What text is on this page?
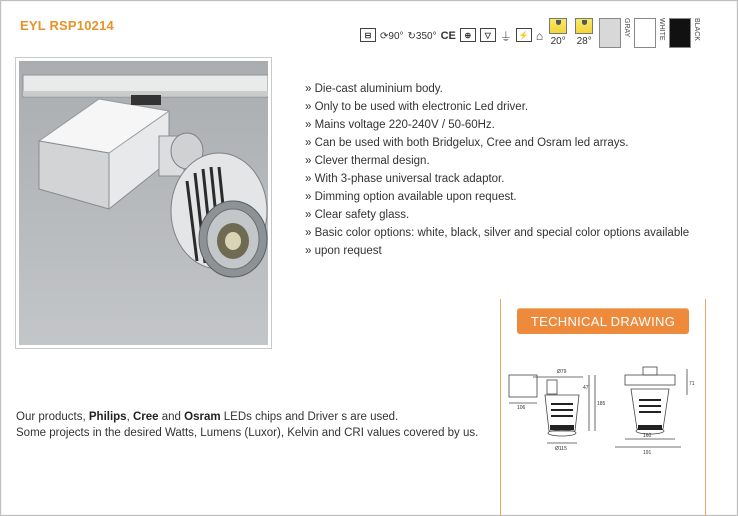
EYL RSP10214
⊟ ⟳ 90° ↻ 350° CE	⊕	▽ ⏚ ⚡ ⌂ 20° 28°
GRAY	WHITE	BLACK
» Die-cast aluminium body.
» Only to be used with electronic Led driver.
» Mains voltage 220-240V / 50-60Hz.
» Can be used with both Bridgelux, Cree and Osram led arrays.
» Clever thermal design.
» With 3-phase universal track adaptor.
» Dimming option available upon request.
» Clear safety glass.
» Basic color options: white, black, silver and special color options available
» upon request
TECHNICAL DRAWING
Ø79
106
Ø115
47
185
160
191
71
Our products, Philips, Cree and Osram LEDs chips and Driver s are used.
Some projects in the desired Watts, Lumens (Luxor), Kelvin and CRI values covered by us.
